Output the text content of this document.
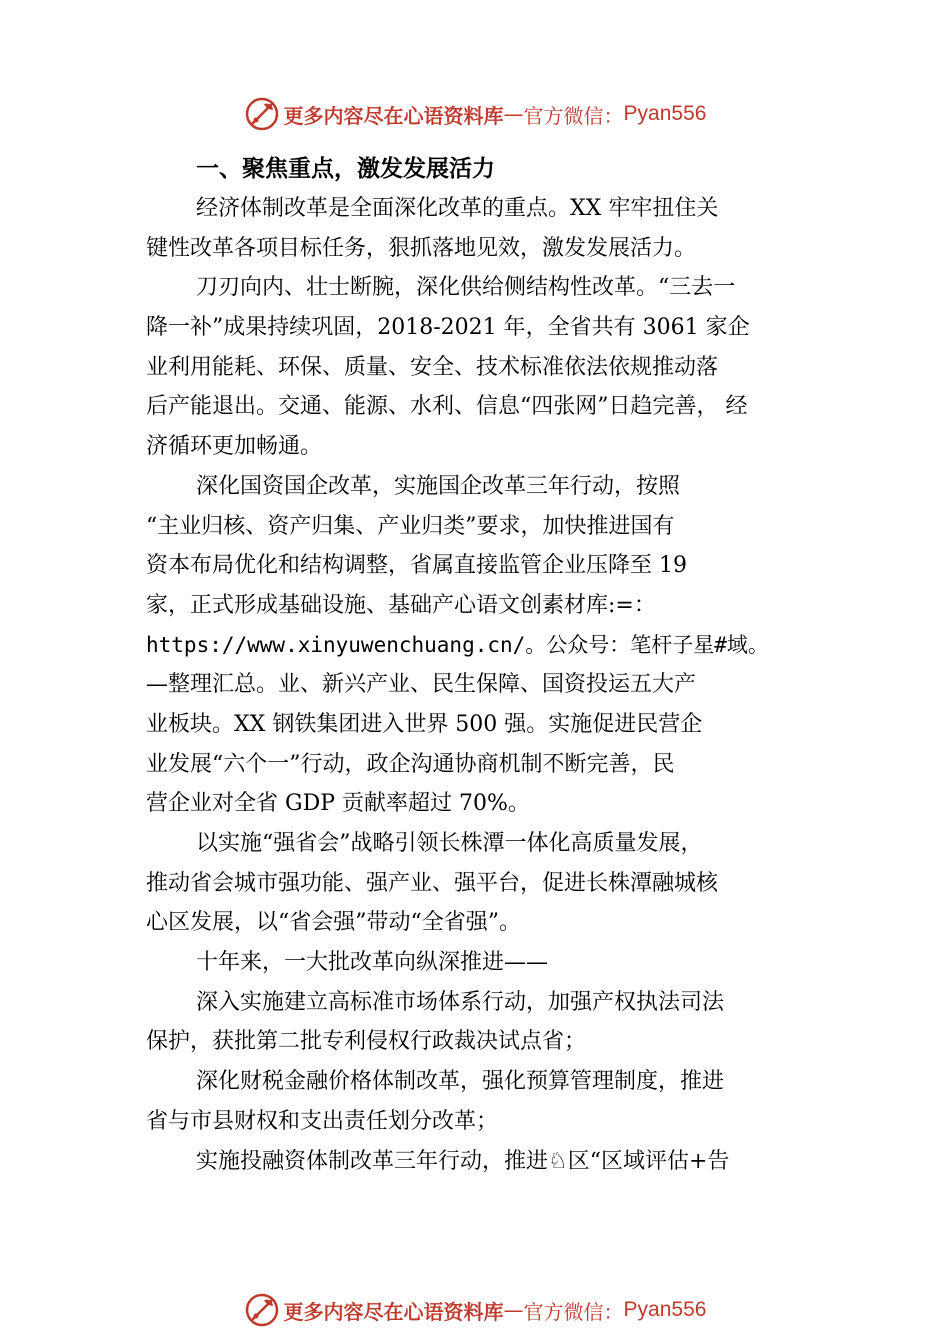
更多内容尽在心语资料库 — 官方微信： Pyan556
一、聚焦重点，激发发展活力
经济体制改革是全面深化改革的重点。XX 牢牢扭住关
键性改革各项目标任务，狠抓落地见效，激发发展活力。
刀刃向内、壮士断腕，深化供给侧结构性改革。“三去一
降一补”成果持续巩固，2018-2021 年，全省共有 3061 家企
业利用能耗、环保、质量、安全、技术标准依法依规推动落
后产能退出。交通、能源、水利、信息“四张网”日趋完善， 经
济循环更加畅通。
深化国资国企改革，实施国企改革三年行动，按照
“主业归核、资产归集、产业归类”要求，加快推进国有
资本布局优化和结构调整，省属直接监管企业压降至 19
家，正式形成基础设施、基础产心语文创素材库:=：
https://www.xinyuwenchuang.cn/。公众号：笔杆子星#域。
—整理汇总。业、新兴产业、民生保障、国资投运五大产
业板块。XX 钢铁集团进入世界 500 强。实施促进民营企
业发展“六个一”行动，政企沟通协商机制不断完善，民
营企业对全省 GDP 贡献率超过 70%。
以实施“强省会”战略引领长株潭一体化高质量发展，
推动省会城市强功能、强产业、强平台，促进长株潭融城核
心区发展，以“省会强”带动“全省强”。
十年来，一大批改革向纵深推进——
深入实施建立高标准市场体系行动，加强产权执法司法
保护，获批第二批专利侵权行政裁决试点省；
深化财税金融价格体制改革，强化预算管理制度，推进
省与市县财权和支出责任划分改革；
实施投融资体制改革三年行动，推进♘区“区域评估+告
更多内容尽在心语资料库 — 官方微信： Pyan556
